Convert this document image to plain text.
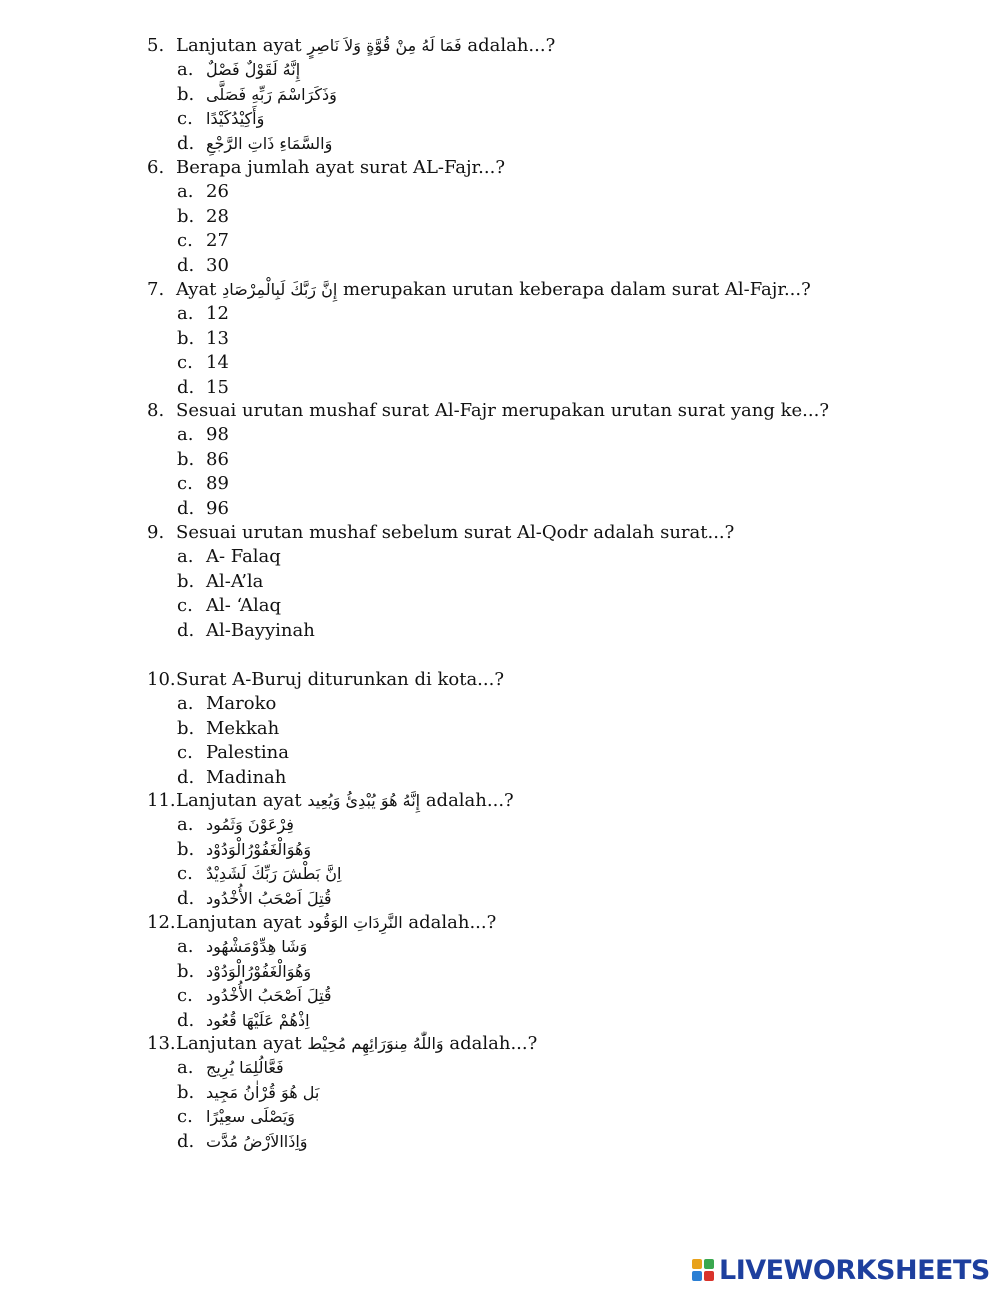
5. Lanjutan ayat فَمَا لَهُ مِنْ قُوَّةٍ وَلاَ نَاصِرٍ adalah...?
a. إِنَّهُ لَقَوْلٌ فَصْلٌ
b. وَذَكَرَاسْمَ رَبِّهِ فَصَلَّى
c. وَأَكِيْدُكَيْدًا
d. وَالسَّمَاءِ ذَاتِ الرَّجْعِ
6. Berapa jumlah ayat surat AL-Fajr...?
a. 26
b. 28
c. 27
d. 30
7. Ayat إِنَّ رَبَّكَ لَبِالْمِرْصَادِ merupakan urutan keberapa dalam surat Al-Fajr...?
a. 12
b. 13
c. 14
d. 15
8. Sesuai urutan mushaf surat Al-Fajr merupakan urutan surat yang ke...?
a. 98
b. 86
c. 89
d. 96
9. Sesuai urutan mushaf sebelum surat Al-Qodr adalah surat...?
a. A- Falaq
b. Al-A’la
c. Al- ‘Alaq
d. Al-Bayyinah
10.Surat A-Buruj diturunkan di kota...?
a. Maroko
b. Mekkah
c. Palestina
d. Madinah
11.Lanjutan ayat إِنَّهُ هُوَ يُبْدِئُ وَيُعِيد adalah...?
a. فِرْعَوْنَ وَثَمُود
b. وَهُوَالْغَفُوْرُالْوَدُوْد
c. اِنَّ بَطْشَ رَبِّكَ لَشَدِيْدٌ
d. قُتِلَ اَصْحَبُ الأُخْدُود
12.Lanjutan ayat النَّرِدَاتِ الوَقُود adalah...?
a. وَشَا هِدِّوْمَشْهُود
b. وَهُوَالْغَفُوْرُالْوَدُوْد
c. قُتِلَ اَصْحَبُ الأُخْدُود
d. اِذْهُمْ عَلَيْهَا قُعُود
13.Lanjutan ayat وَاللّٰهُ مِنوَرَائِهِم مُحِيْط adalah...?
a. فَعَّالُلِمَا يُرِيج
b. بَل هُوَ قُرْاٰنُ مَجِيد
c. وَيَصْلَى سعِيْرًا
d. وَاِذَاالاَرْضُ مُدَّت
LIVEWORKSHEETS
